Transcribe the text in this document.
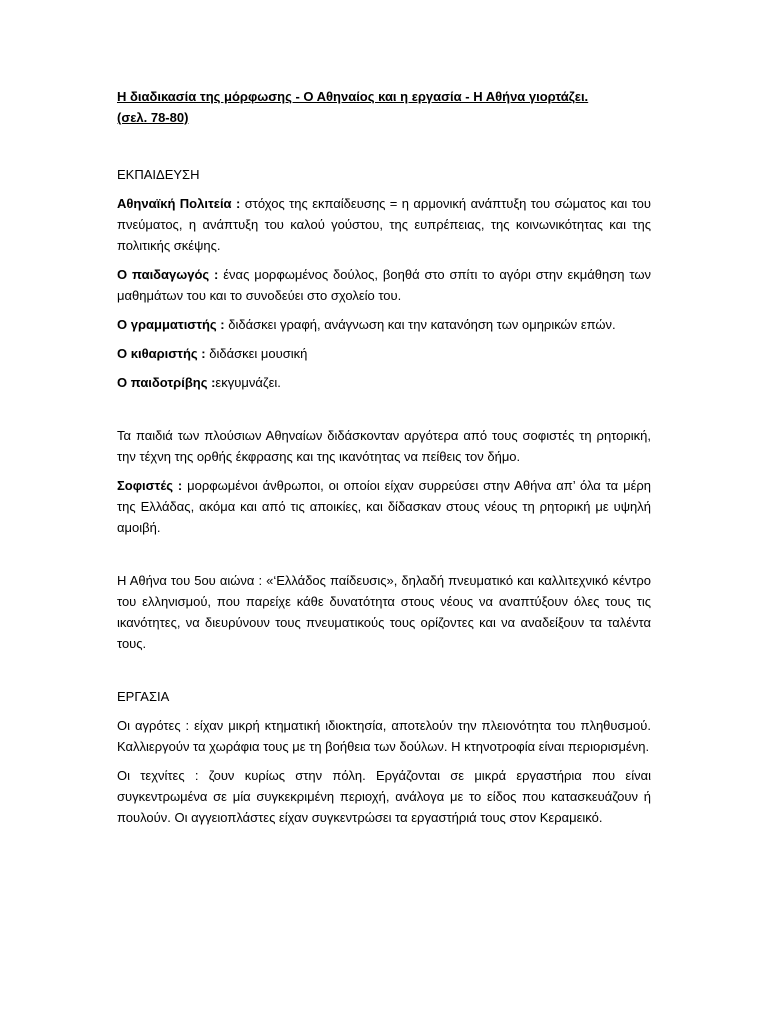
Η διαδικασία της μόρφωσης - Ο Αθηναίος και η εργασία - Η Αθήνα γιορτάζει.
(σελ. 78-80)

ΕΚΠΑΙΔΕΥΣΗ

Αθηναϊκή Πολιτεία : στόχος της εκπαίδευσης = η αρμονική ανάπτυξη του σώματος και του πνεύματος, η ανάπτυξη του καλού γούστου, της ευπρέπειας, της κοινωνικότητας και της πολιτικής σκέψης.

Ο παιδαγωγός : ένας μορφωμένος δούλος, βοηθά στο σπίτι το αγόρι στην εκμάθηση των μαθημάτων του και το συνοδεύει στο σχολείο του.

Ο γραμματιστής : διδάσκει γραφή, ανάγνωση και την κατανόηση των ομηρικών επών.

Ο κιθαριστής : διδάσκει μουσική

Ο παιδοτρίβης :εκγυμνάζει.

Τα παιδιά των πλούσιων Αθηναίων διδάσκονταν αργότερα από τους σοφιστές τη ρητορική, την τέχνη της ορθής έκφρασης και της ικανότητας να πείθεις τον δήμο.

Σοφιστές : μορφωμένοι άνθρωποι, οι οποίοι είχαν συρρεύσει στην Αθήνα απ’ όλα τα μέρη της Ελλάδας, ακόμα και από τις αποικίες, και δίδασκαν στους νέους τη ρητορική με υψηλή αμοιβή.

Η Αθήνα του 5ου αιώνα : «‘Ελλάδος παίδευσις», δηλαδή πνευματικό και καλλιτεχνικό κέντρο του ελληνισμού, που παρείχε κάθε δυνατότητα στους νέους να αναπτύξουν όλες τους τις ικανότητες, να διευρύνουν τους πνευματικούς τους ορίζοντες και να αναδείξουν τα ταλέντα τους.

ΕΡΓΑΣΙΑ

Οι αγρότες : είχαν μικρή κτηματική ιδιοκτησία, αποτελούν την πλειονότητα του πληθυσμού. Καλλιεργούν τα χωράφια τους με τη βοήθεια των δούλων. Η κτηνοτροφία είναι περιορισμένη.

Οι τεχνίτες : ζουν κυρίως στην πόλη. Εργάζονται σε μικρά εργαστήρια που είναι συγκεντρωμένα σε μία συγκεκριμένη περιοχή, ανάλογα με το είδος που κατασκευάζουν ή πουλούν. Οι αγγειοπλάστες είχαν συγκεντρώσει τα εργαστήριά τους στον Κεραμεικό.
